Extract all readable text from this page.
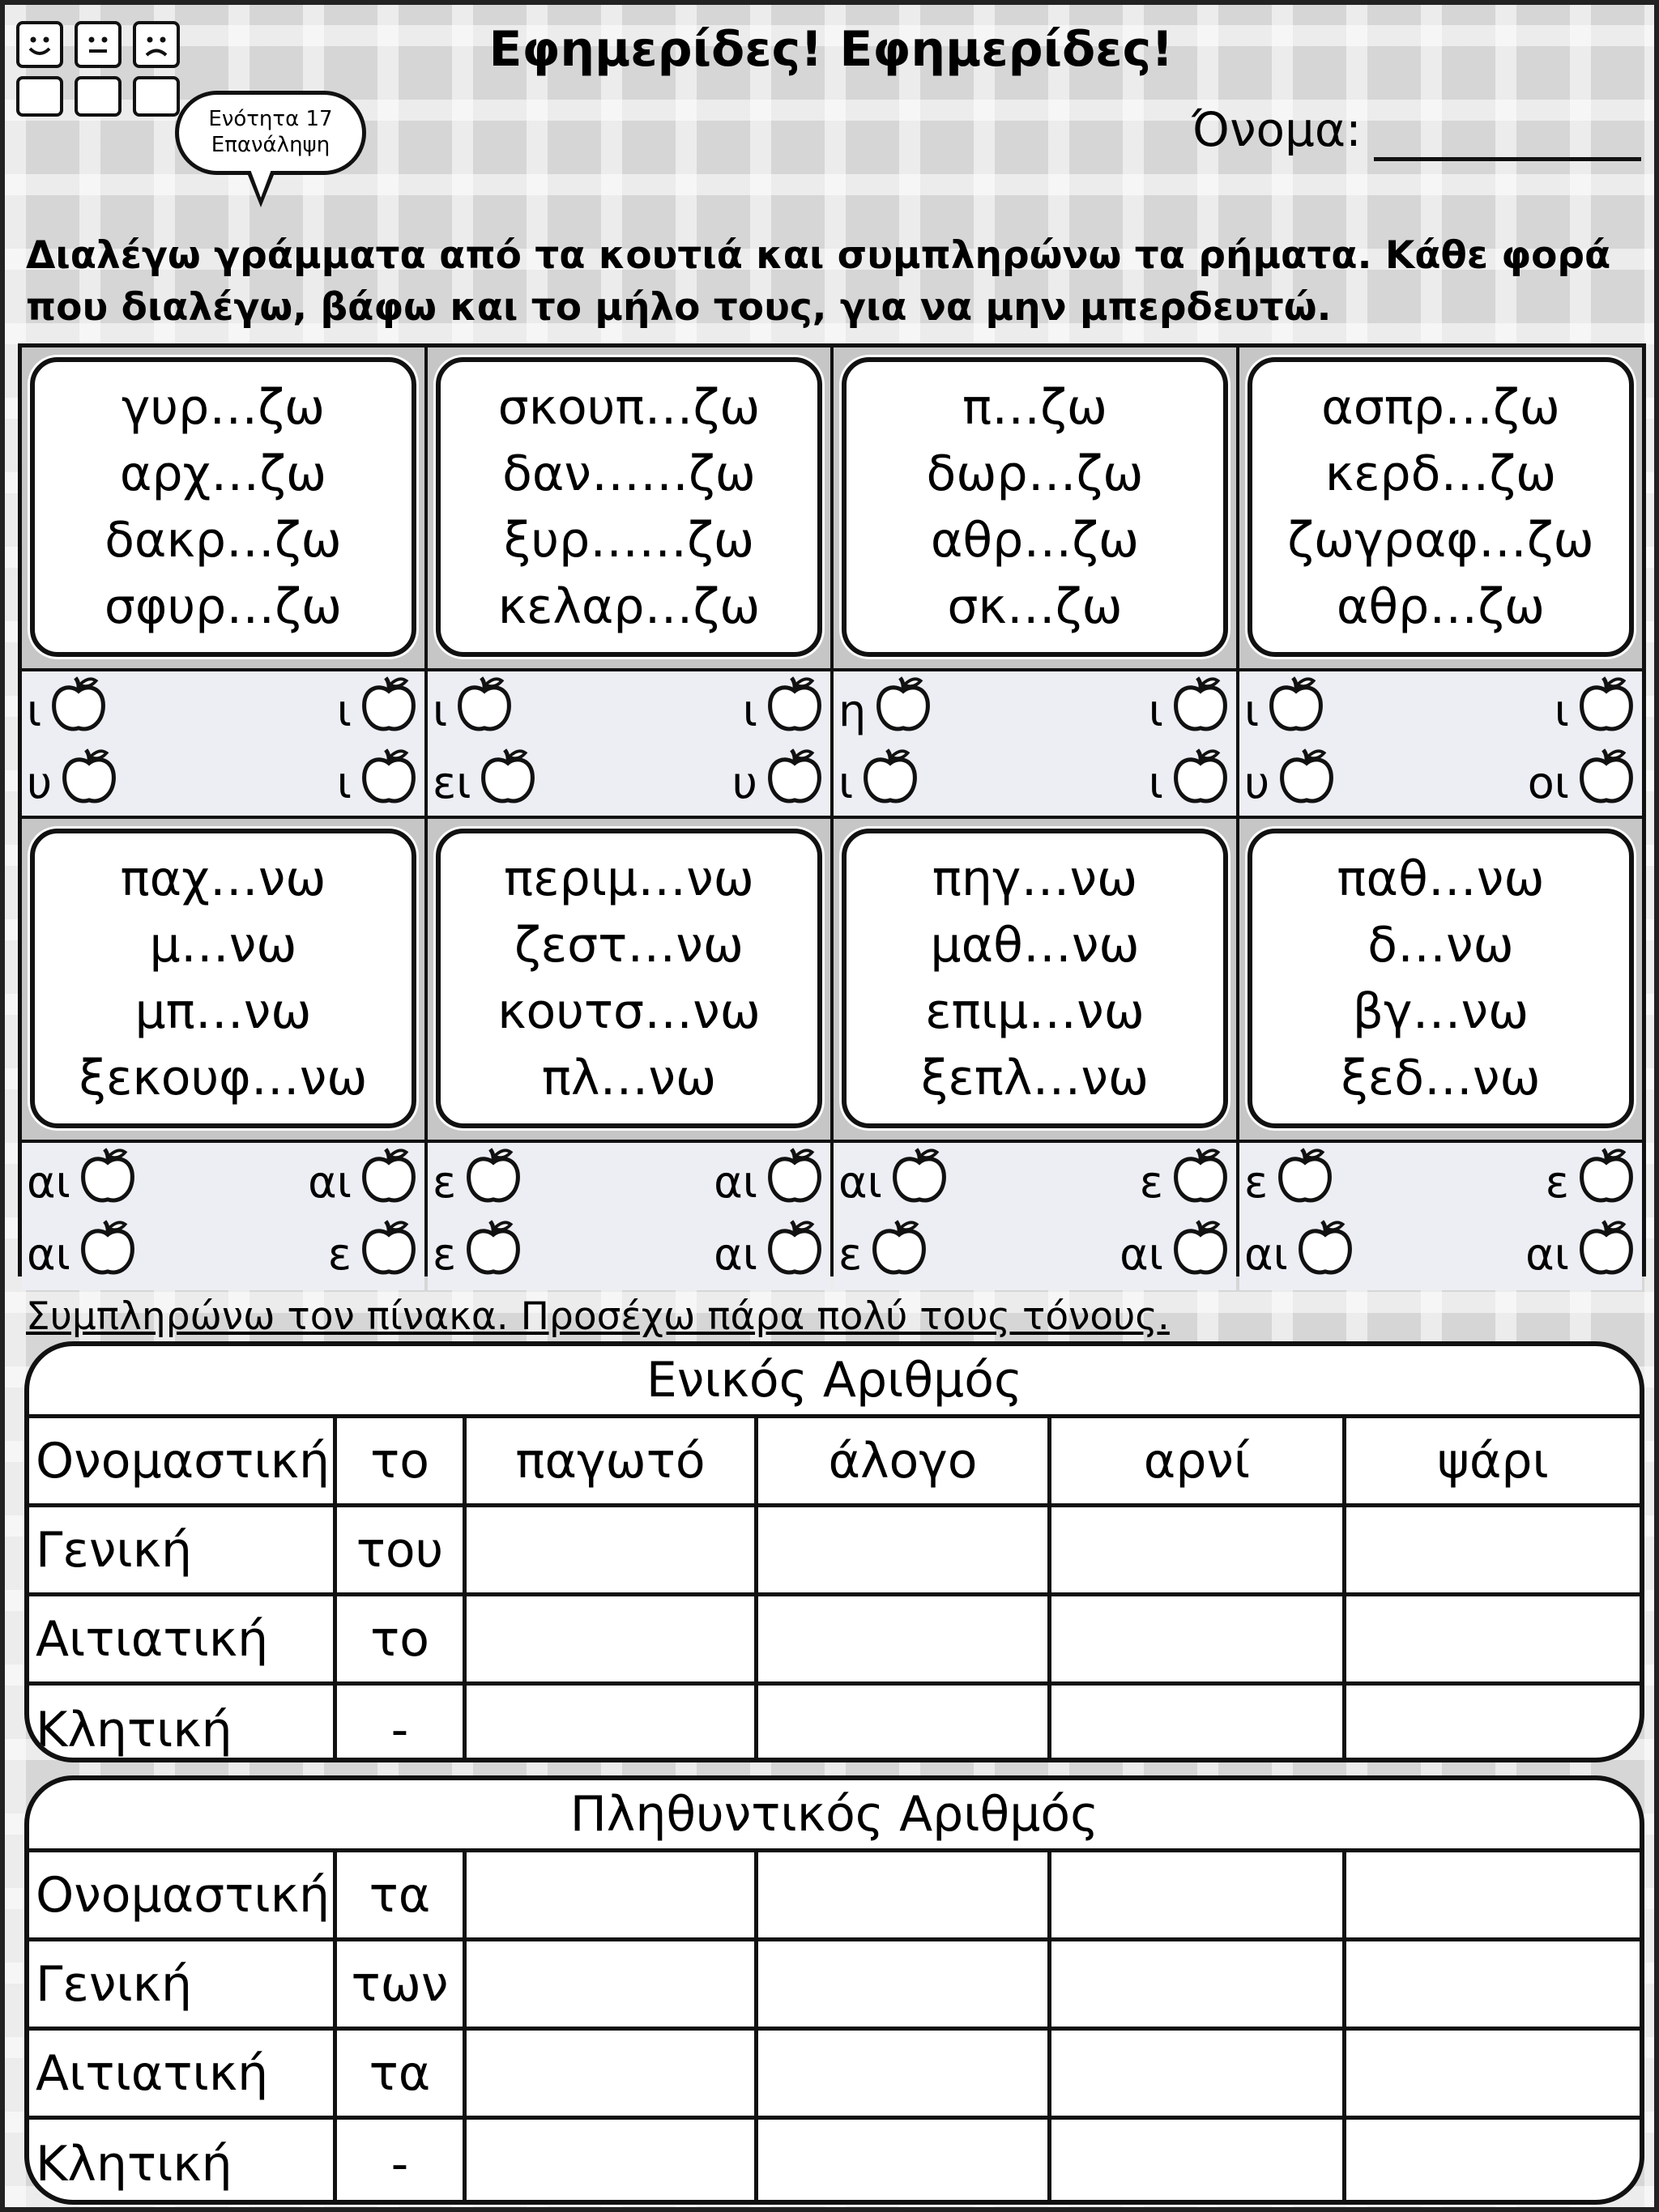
Ενότητα 17
Επανάληψη
Εφημερίδες! Εφημερίδες!
Όνομα:
Διαλέγω γράμματα από τα κουτιά και συμπληρώνω τα ρήματα. Κάθε φορά που διαλέγω, βάφω και το μήλο τους, για να μην μπερδευτώ.
γυρ…ζω
αρχ…ζω
δακρ…ζω
σφυρ…ζω
σκουπ…ζω
δαν……ζω
ξυρ……ζω
κελαρ…ζω
π…ζω
δωρ…ζω
αθρ…ζω
σκ…ζω
ασπρ…ζω
κερδ…ζω
ζωγραφ…ζω
αθρ…ζω
ι	ι
υ	ι
ι	ι
ει	υ
η	ι
ι	ι
ι	ι
υ	οι
παχ…νω
μ…νω
μπ…νω
ξεκουφ…νω
περιμ…νω
ζεστ…νω
κουτσ…νω
πλ…νω
πηγ…νω
μαθ…νω
επιμ…νω
ξεπλ…νω
παθ…νω
δ…νω
βγ…νω
ξεδ…νω
αι	αι
αι	ε
ε	αι
ε	αι
αι	ε
ε	αι
ε	ε
αι	αι
Συμπληρώνω τον πίνακα. Προσέχω πάρα πολύ τους τόνους.
Ενικός Αριθμός
Ονομαστική το	παγωτό	άλογο	αρνί	ψάρι
Γενική	του
Αιτιατική	το
Κλητική	-
Πληθυντικός Αριθμός
Ονομαστική τα
Γενική	των
Αιτιατική	τα
Κλητική	-
